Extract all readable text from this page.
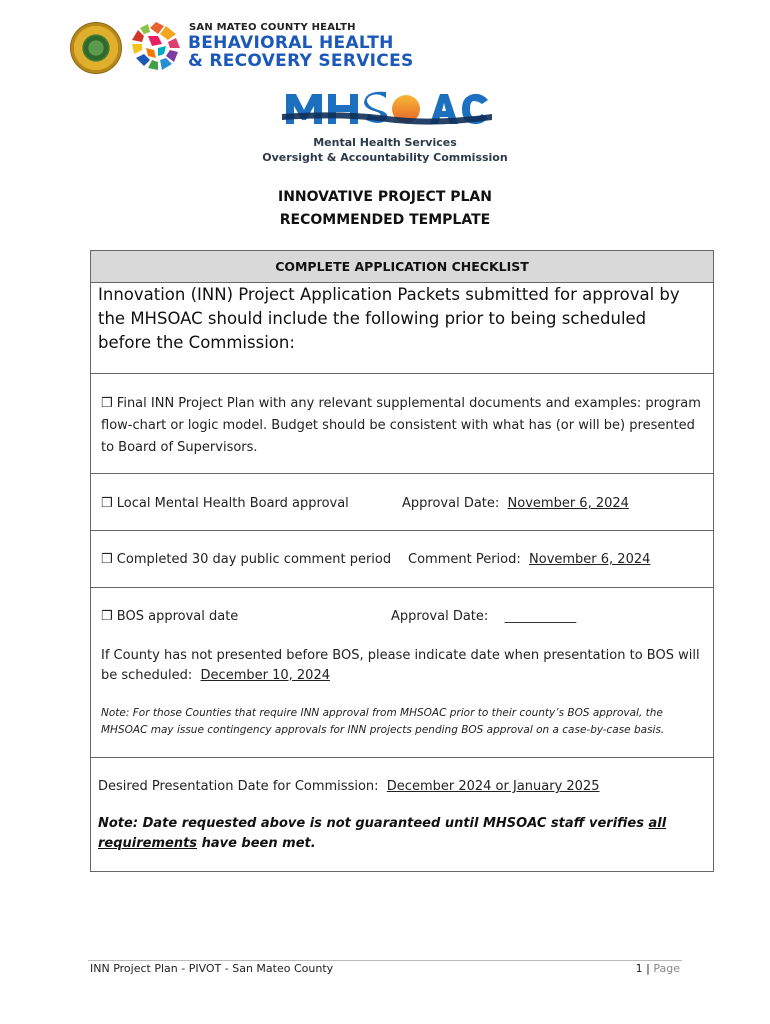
SAN MATEO COUNTY HEALTH
BEHAVIORAL HEALTH
& RECOVERY SERVICES
Mental Health Services
Oversight & Accountability Commission
INNOVATIVE PROJECT PLAN
RECOMMENDED TEMPLATE
COMPLETE APPLICATION CHECKLIST
Innovation (INN) Project Application Packets submitted for approval by the MHSOAC should include the following prior to being scheduled before the Commission:
❒ Final INN Project Plan with any relevant supplemental documents and examples: program flow-chart or logic model. Budget should be consistent with what has (or will be) presented to Board of Supervisors.
❒ Local Mental Health Board approval	Approval Date: November 6, 2024
❒ Completed 30 day public comment period	Comment Period: November 6, 2024
❒ BOS approval date	Approval Date: ___________
If County has not presented before BOS, please indicate date when presentation to BOS will be scheduled: December 10, 2024
Note: For those Counties that require INN approval from MHSOAC prior to their county’s BOS approval, the MHSOAC may issue contingency approvals for INN projects pending BOS approval on a case-by-case basis.
Desired Presentation Date for Commission: December 2024 or January 2025
Note: Date requested above is not guaranteed until MHSOAC staff verifies all requirements have been met.
INN Project Plan - PIVOT - San Mateo County	1 | Page
